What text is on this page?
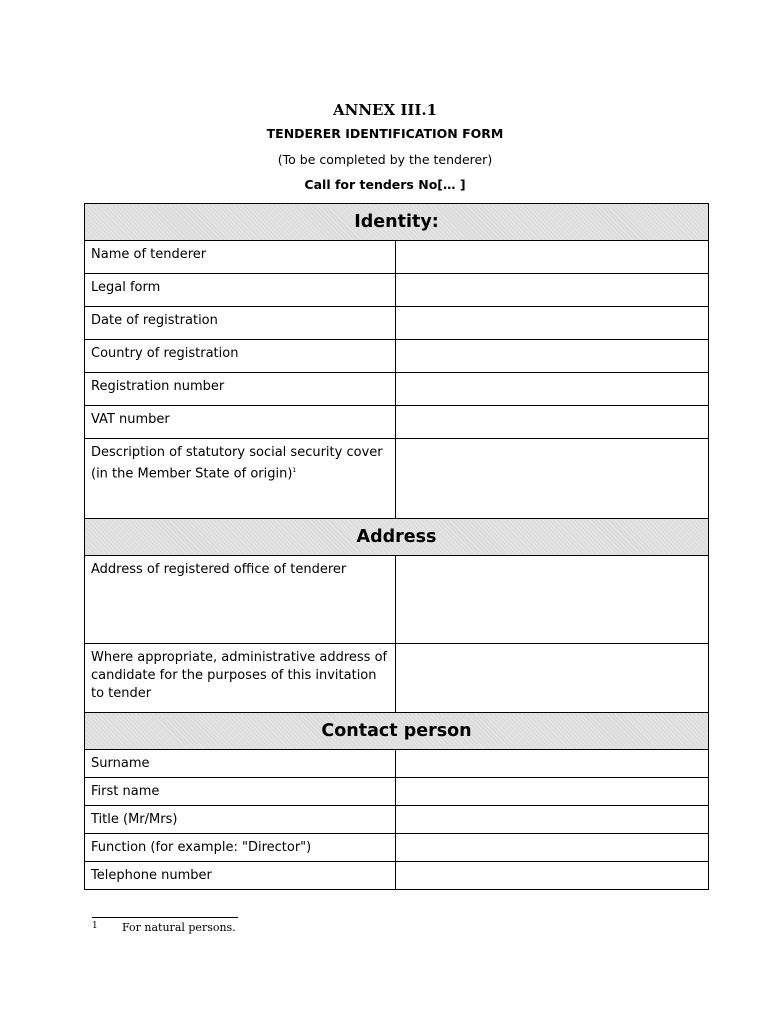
ANNEX III.1
TENDERER IDENTIFICATION FORM
(To be completed by the tenderer)
Call for tenders No[… ]
Identity:	
Name of tenderer	
Legal form	
Date of registration	
Country of registration	
Registration number	
VAT number	
Description of statutory social security cover (in the Member State of origin)$^1$	
Address	
Address of registered office of tenderer	
Where appropriate, administrative address of candidate for the purposes of this invitation to tender	
Contact person	
Surname	
First name	
Title (Mr/Mrs)	
Function (for example: "Director")	
Telephone number	
1 For natural persons.
